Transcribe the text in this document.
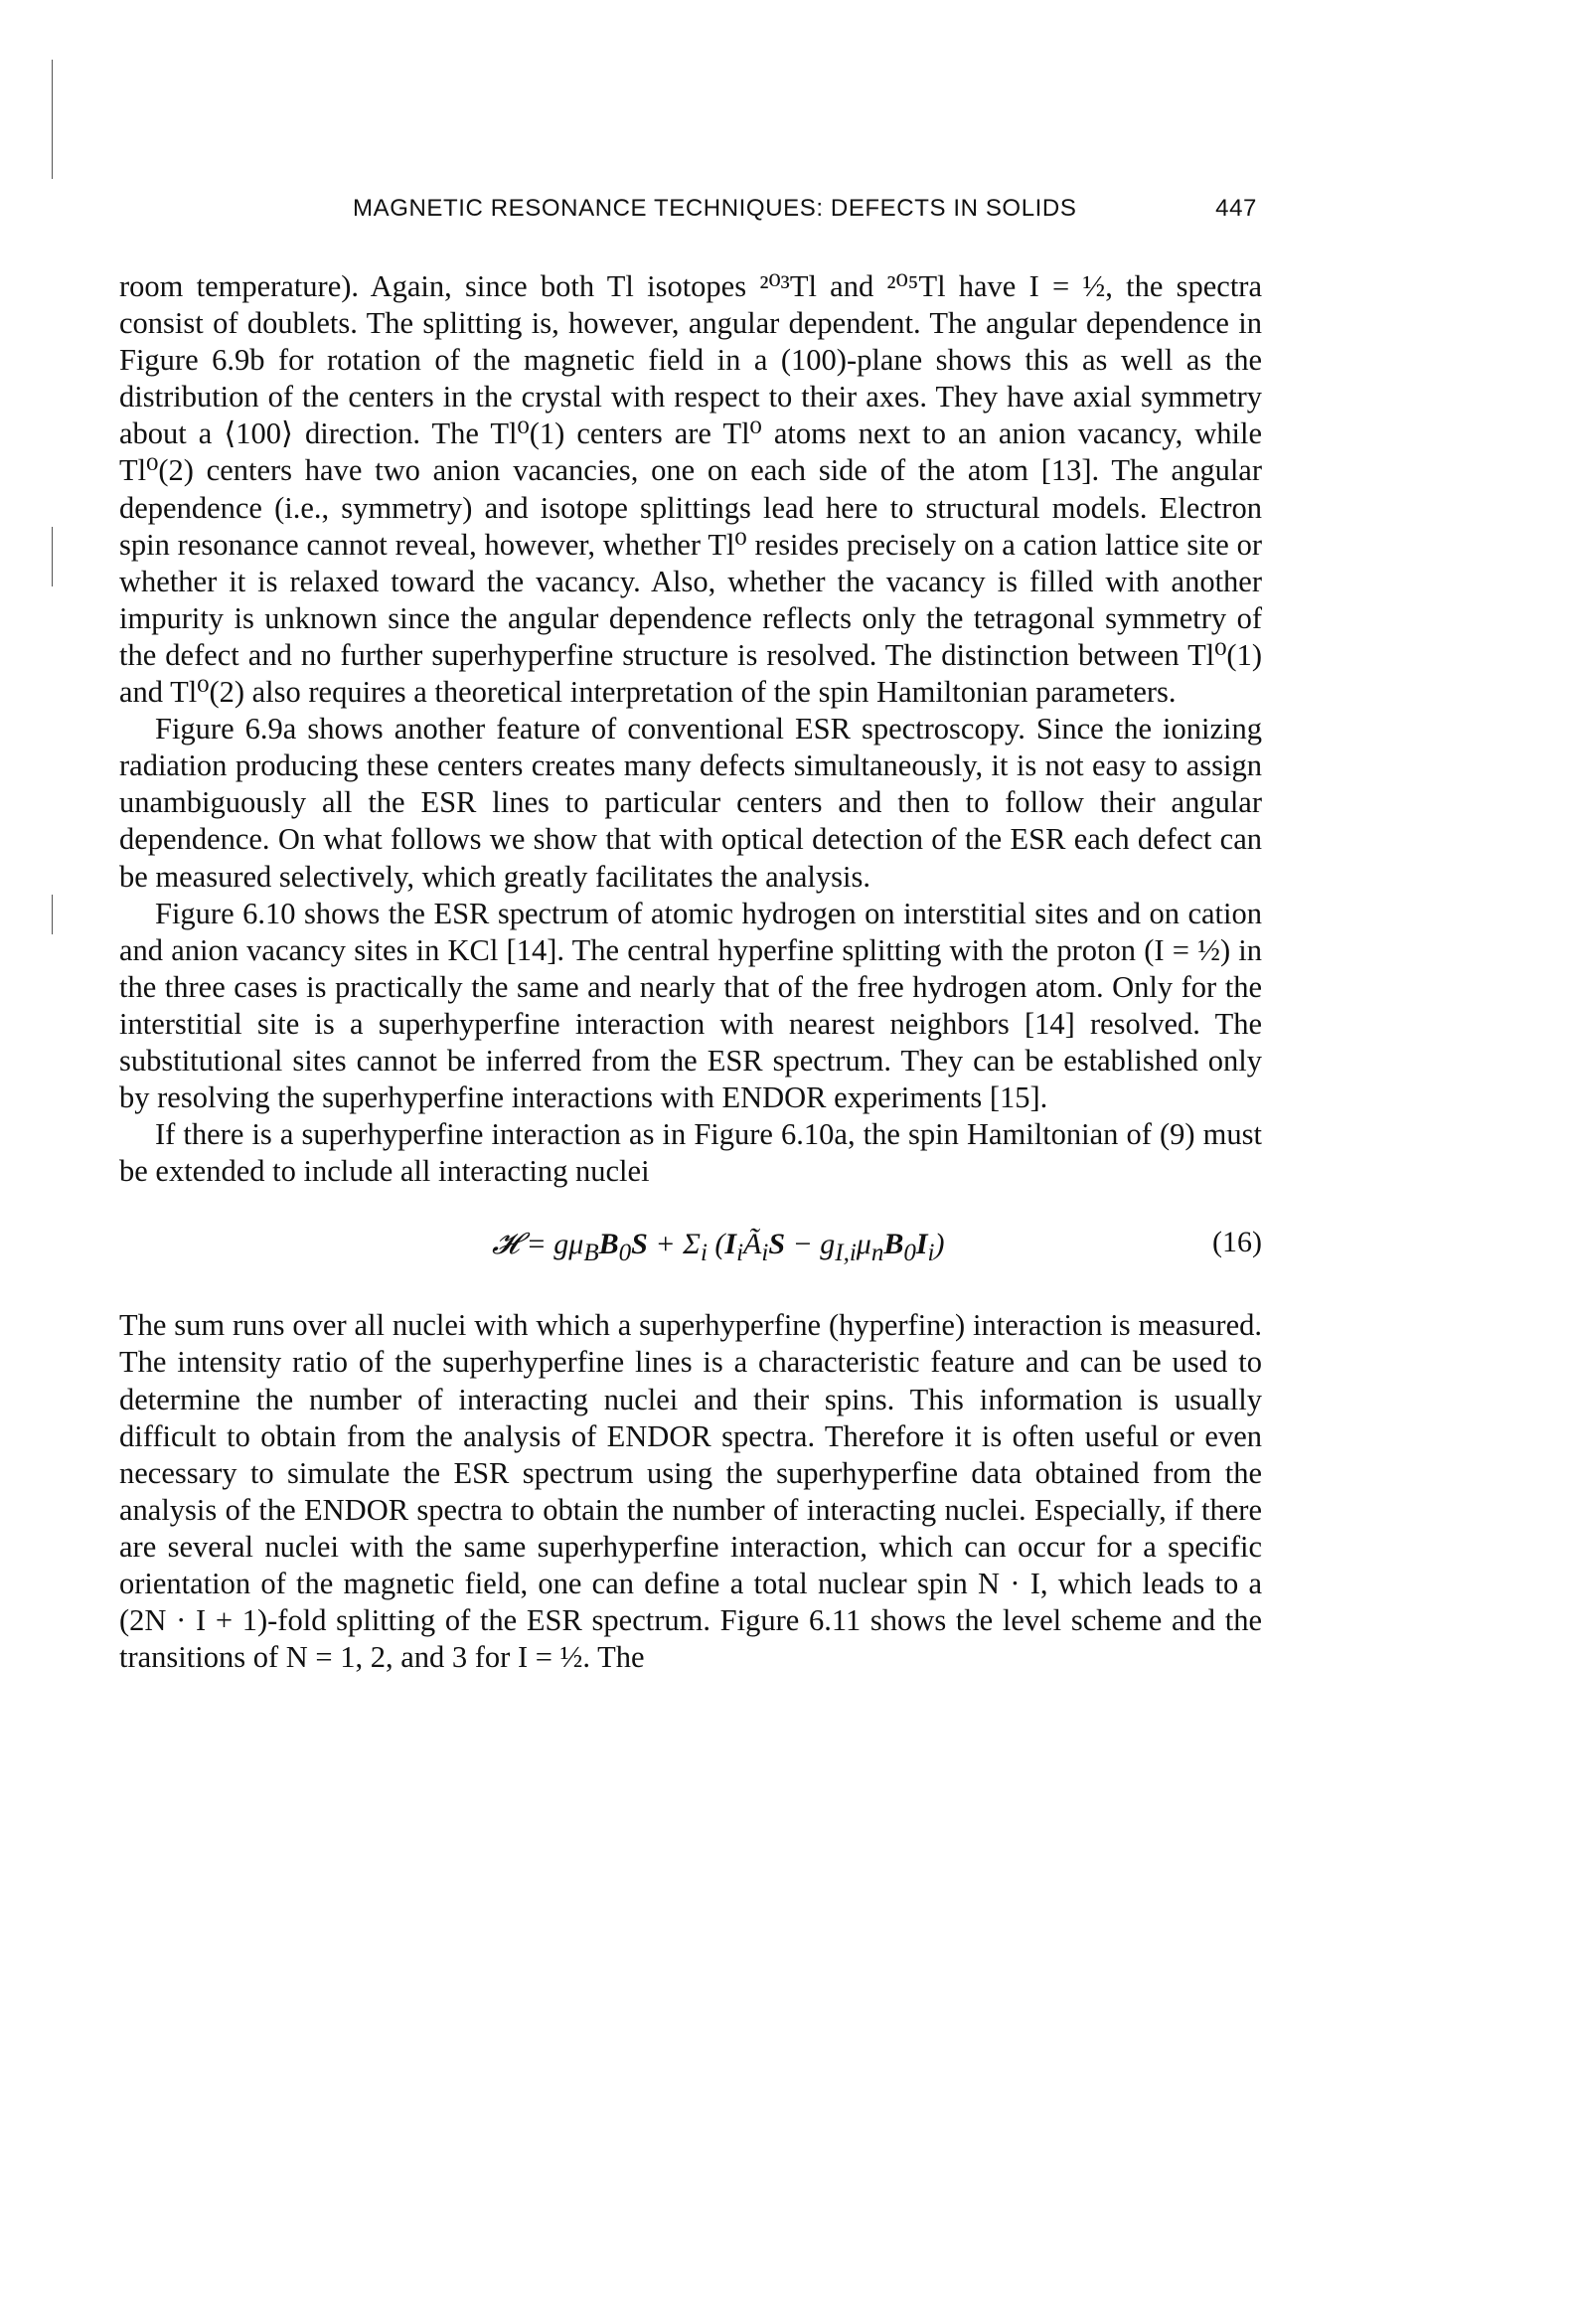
MAGNETIC RESONANCE TECHNIQUES: DEFECTS IN SOLIDS	447

room temperature). Again, since both Tl isotopes ²⁰³Tl and ²⁰⁵Tl have I = ½, the spectra consist of doublets. The splitting is, however, angular dependent. The angular dependence in Figure 6.9b for rotation of the magnetic field in a (100)-plane shows this as well as the distribution of the centers in the crystal with respect to their axes. They have axial symmetry about a ⟨100⟩ direction. The Tl⁰(1) centers are Tl⁰ atoms next to an anion vacancy, while Tl⁰(2) centers have two anion vacancies, one on each side of the atom [13]. The angular dependence (i.e., symmetry) and isotope splittings lead here to structural models. Electron spin resonance cannot reveal, however, whether Tl⁰ resides precisely on a cation lattice site or whether it is relaxed toward the vacancy. Also, whether the vacancy is filled with another impurity is unknown since the angular dependence reflects only the tetragonal symmetry of the defect and no further superhyperfine structure is resolved. The distinction between Tl⁰(1) and Tl⁰(2) also requires a theoretical interpretation of the spin Hamiltonian parameters.

Figure 6.9a shows another feature of conventional ESR spectroscopy. Since the ionizing radiation producing these centers creates many defects simultaneously, it is not easy to assign unambiguously all the ESR lines to particular centers and then to follow their angular dependence. On what follows we show that with optical detection of the ESR each defect can be measured selectively, which greatly facilitates the analysis.

Figure 6.10 shows the ESR spectrum of atomic hydrogen on interstitial sites and on cation and anion vacancy sites in KCl [14]. The central hyperfine splitting with the proton (I = ½) in the three cases is practically the same and nearly that of the free hydrogen atom. Only for the interstitial site is a superhyperfine interaction with nearest neighbors [14] resolved. The substitutional sites cannot be inferred from the ESR spectrum. They can be established only by resolving the superhyperfine interactions with ENDOR experiments [15].

If there is a superhyperfine interaction as in Figure 6.10a, the spin Hamiltonian of (9) must be extended to include all interacting nuclei

𝓗 = $g\mu_BB_0S + \Sigma_i$ $(I_iÃ_iS - g_{I,i}\mu_nB_0I_i)$	(16)

The sum runs over all nuclei with which a superhyperfine (hyperfine) interaction is measured. The intensity ratio of the superhyperfine lines is a characteristic feature and can be used to determine the number of interacting nuclei and their spins. This information is usually difficult to obtain from the analysis of ENDOR spectra. Therefore it is often useful or even necessary to simulate the ESR spectrum using the superhyperfine data obtained from the analysis of the ENDOR spectra to obtain the number of interacting nuclei. Especially, if there are several nuclei with the same superhyperfine interaction, which can occur for a specific orientation of the magnetic field, one can define a total nuclear spin N · I, which leads to a (2N · I + 1)-fold splitting of the ESR spectrum. Figure 6.11 shows the level scheme and the transitions of N = 1, 2, and 3 for I = ½. The
